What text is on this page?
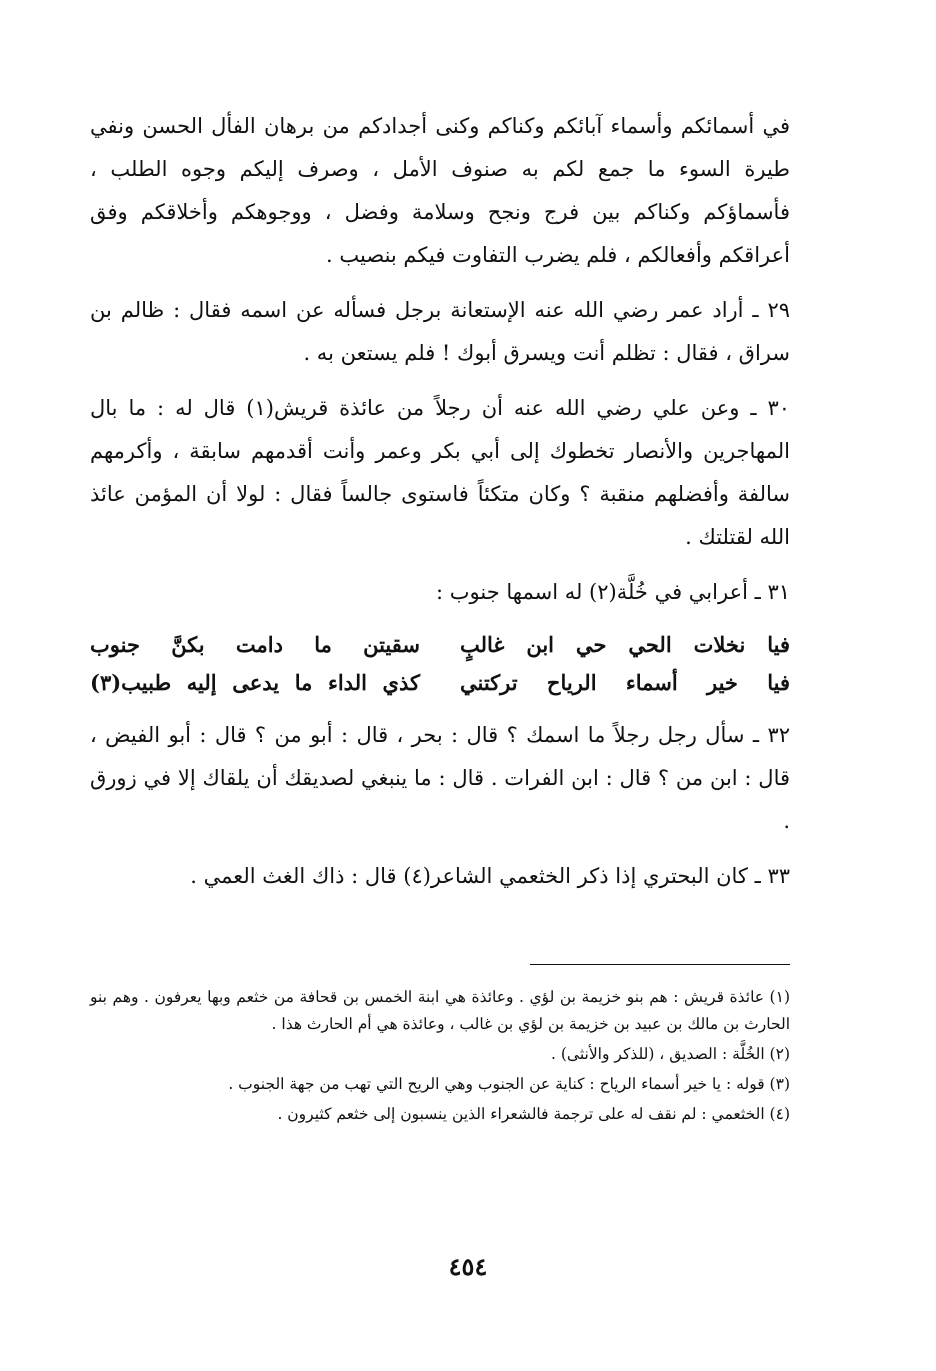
في أسمائكم وأسماء آبائكم وكناكم وكنى أجدادكم من برهان الفأل الحسن ونفي طيرة السوء ما جمع لكم به صنوف الأمل ، وصرف إليكم وجوه الطلب ، فأسماؤكم وكناكم بين فرج ونجح وسلامة وفضل ، ووجوهكم وأخلاقكم وفق أعراقكم وأفعالكم ، فلم يضرب التفاوت فيكم بنصيب .

٢٩ ـ أراد عمر رضي الله عنه الإستعانة برجل فسأله عن اسمه فقال : ظالم بن سراق ، فقال : تظلم أنت ويسرق أبوك ! فلم يستعن به .

٣٠ ـ وعن علي رضي الله عنه أن رجلاً من عائذة قريش(١) قال له : ما بال المهاجرين والأنصار تخطوك إلى أبي بكر وعمر وأنت أقدمهم سابقة ، وأكرمهم سالفة وأفضلهم منقبة ؟ وكان متكئاً فاستوى جالساً فقال : لولا أن المؤمن عائذ الله لقتلتك .

٣١ ـ أعرابي في خُلَّة(٢) له اسمها جنوب :

فيا نخلات الحي حي ابن غالبٍ
سقيتن ما دامت بكنَّ جنوب
فيا خير أسماء الرياح تركتني
كذي الداء ما يدعى إليه طبيب(٣)

٣٢ ـ سأل رجل رجلاً ما اسمك ؟ قال : بحر ، قال : أبو من ؟ قال : أبو الفيض ، قال : ابن من ؟ قال : ابن الفرات . قال : ما ينبغي لصديقك أن يلقاك إلا في زورق .

٣٣ ـ كان البحتري إذا ذكر الخثعمي الشاعر(٤) قال : ذاك الغث العمي .

(١) عائذة قريش : هم بنو خزيمة بن لؤي . وعائذة هي ابنة الخمس بن قحافة من خثعم وبها يعرفون . وهم بنو الحارث بن مالك بن عبيد بن خزيمة بن لؤي بن غالب ، وعائذة هي أم الحارث هذا .

(٢) الخُلَّة : الصديق ، (للذكر والأنثى) .

(٣) قوله : يا خير أسماء الرياح : كناية عن الجنوب وهي الريح التي تهب من جهة الجنوب .

(٤) الخثعمي : لم نقف له على ترجمة فالشعراء الذين ينسبون إلى خثعم كثيرون .

٤٥٤
